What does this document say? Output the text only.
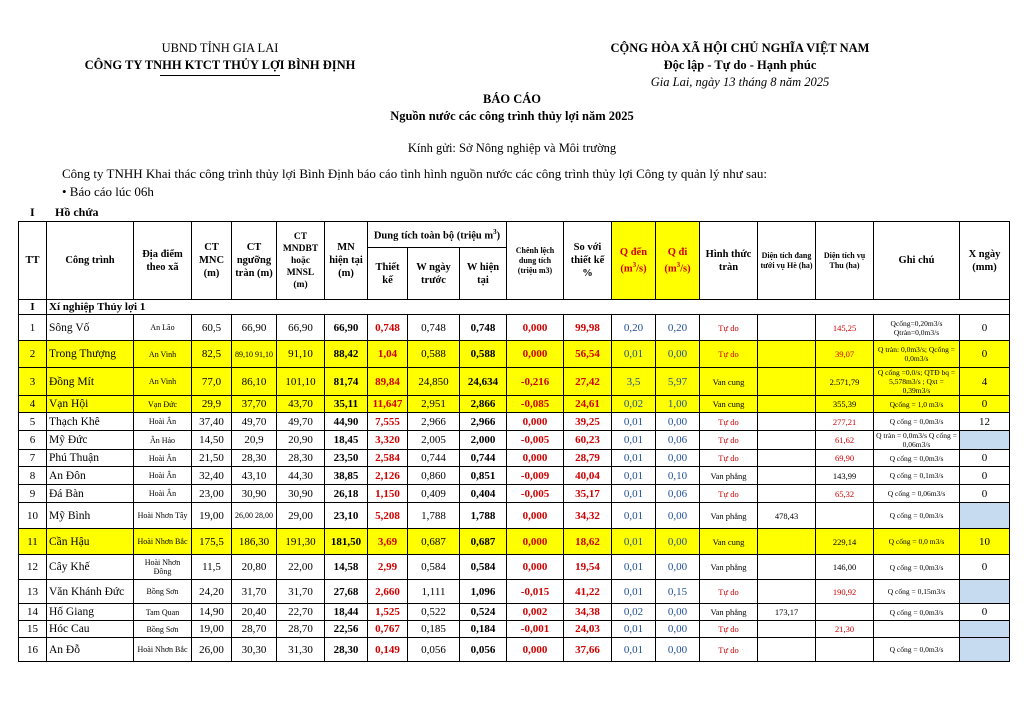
UBND TỈNH GIA LAI
CÔNG TY TNHH KTCT THỦY LỢI BÌNH ĐỊNH
CỘNG HÒA XÃ HỘI CHỦ NGHĨA VIỆT NAM
Độc lập - Tự do - Hạnh phúc
Gia Lai, ngày 13 tháng 8 năm 2025
BÁO CÁO
Nguồn nước các công trình thủy lợi năm 2025
Kính gửi: Sở Nông nghiệp và Môi trường
Công ty TNHH Khai thác công trình thủy lợi Bình Định báo cáo tình hình nguồn nước các công trình thủy lợi Công ty quản lý như sau:
• Báo cáo lúc 06h
I Hồ chứa
TT	Công trình	Địa điểm theo xã	CT MNC (m)	CT ngưỡng tràn (m)	CT MNDBT hoặc MNSL (m)	MN hiện tại (m)	Dung tích toàn bộ (triệu $m^3$)			Chênh lệch dung tích (triệu m3)	So với thiết kế %	Q đến $(m^3/s)$	Q đi $(m^3/s)$	Hình thức tràn	Diện tích đang tưới vụ Hè (ha)	Diện tích vụ Thu (ha)	Ghi chú	X ngày (mm)
							Thiết kế	W ngày trước	W hiện tại									
I	Xí nghiệp Thủy lợi 1																	
1	Sông Vố	An Lão	60,5	66,90	66,90	66,90	0,748	0,748	0,748	0,000	99,98	0,20	0,20	Tự do		145,25	Qcống=0,20m3/s Qtràn=0,0m3/s	0
2	Trong Thượng	An Vinh	82,5	89,10 91,10	91,10	88,42	1,04	0,588	0,588	0,000	56,54	0,01	0,00	Tự do		39,07	Q tràn: 0,0m3/s; Qcống = 0,0m3/s	0
3	Đồng Mít	An Vinh	77,0	86,10	101,10	81,74	89,84	24,850	24,634	-0,216	27,42	3,5	5,97	Van cung		2.571,79	Q cống =0,0/s; QTĐ bq = 5,578m3/s ; Qxt = 0,39m3/s	4
4	Vạn Hội	Vạn Đức	29,9	37,70	43,70	35,11	11,647	2,951	2,866	-0,085	24,61	0,02	1,00	Van cung		355,39	Qcống = 1,0 m3/s	0
5	Thạch Khê	Hoài Ân	37,40	49,70	49,70	44,90	7,555	2,966	2,966	0,000	39,25	0,01	0,00	Tự do		277,21	Q cống = 0,0m3/s	12
6	Mỹ Đức	Ân Hảo	14,50	20,9	20,90	18,45	3,320	2,005	2,000	-0,005	60,23	0,01	0,06	Tự do		61,62	Q tràn = 0,0m3/s Q cống = 0,06m3/s	
7	Phú Thuận	Hoài Ân	21,50	28,30	28,30	23,50	2,584	0,744	0,744	0,000	28,79	0,01	0,00	Tự do		69,90	Q cống = 0,0m3/s	0
8	An Đôn	Hoài Ân	32,40	43,10	44,30	38,85	2,126	0,860	0,851	-0,009	40,04	0,01	0,10	Van phẳng		143,99	Q cống = 0,1m3/s	0
9	Đá Bàn	Hoài Ân	23,00	30,90	30,90	26,18	1,150	0,409	0,404	-0,005	35,17	0,01	0,06	Tự do		65,32	Q cống = 0,06m3/s	0
10	Mỹ Bình	Hoài Nhơn Tây	19,00	26,00 28,00	29,00	23,10	5,208	1,788	1,788	0,000	34,32	0,01	0,00	Van phẳng	478,43		Q cống = 0,0m3/s	
11	Cần Hậu	Hoài Nhơn Bắc	175,5	186,30	191,30	181,50	3,69	0,687	0,687	0,000	18,62	0,01	0,00	Van cung		229,14	Q cống = 0,0 m3/s	10
12	Cây Khế	Hoài Nhơn Đông	11,5	20,80	22,00	14,58	2,99	0,584	0,584	0,000	19,54	0,01	0,00	Van phẳng		146,00	Q cống = 0,0m3/s	0
13	Văn Khánh Đức	Bồng Sơn	24,20	31,70	31,70	27,68	2,660	1,111	1,096	-0,015	41,22	0,01	0,15	Tự do		190,92	Q cống = 0,15m3/s	
14	Hố Giang	Tam Quan	14,90	20,40	22,70	18,44	1,525	0,522	0,524	0,002	34,38	0,02	0,00	Van phẳng	173,17		Q cống = 0,0m3/s	0
15	Hóc Cau	Bồng Sơn	19,00	28,70	28,70	22,56	0,767	0,185	0,184	-0,001	24,03	0,01	0,00	Tự do		21,30		
16	An Đỗ	Hoài Nhơn Bắc	26,00	30,30	31,30	28,30	0,149	0,056	0,056	0,000	37,66	0,01	0,00	Tự do			Q cống = 0,0m3/s	
